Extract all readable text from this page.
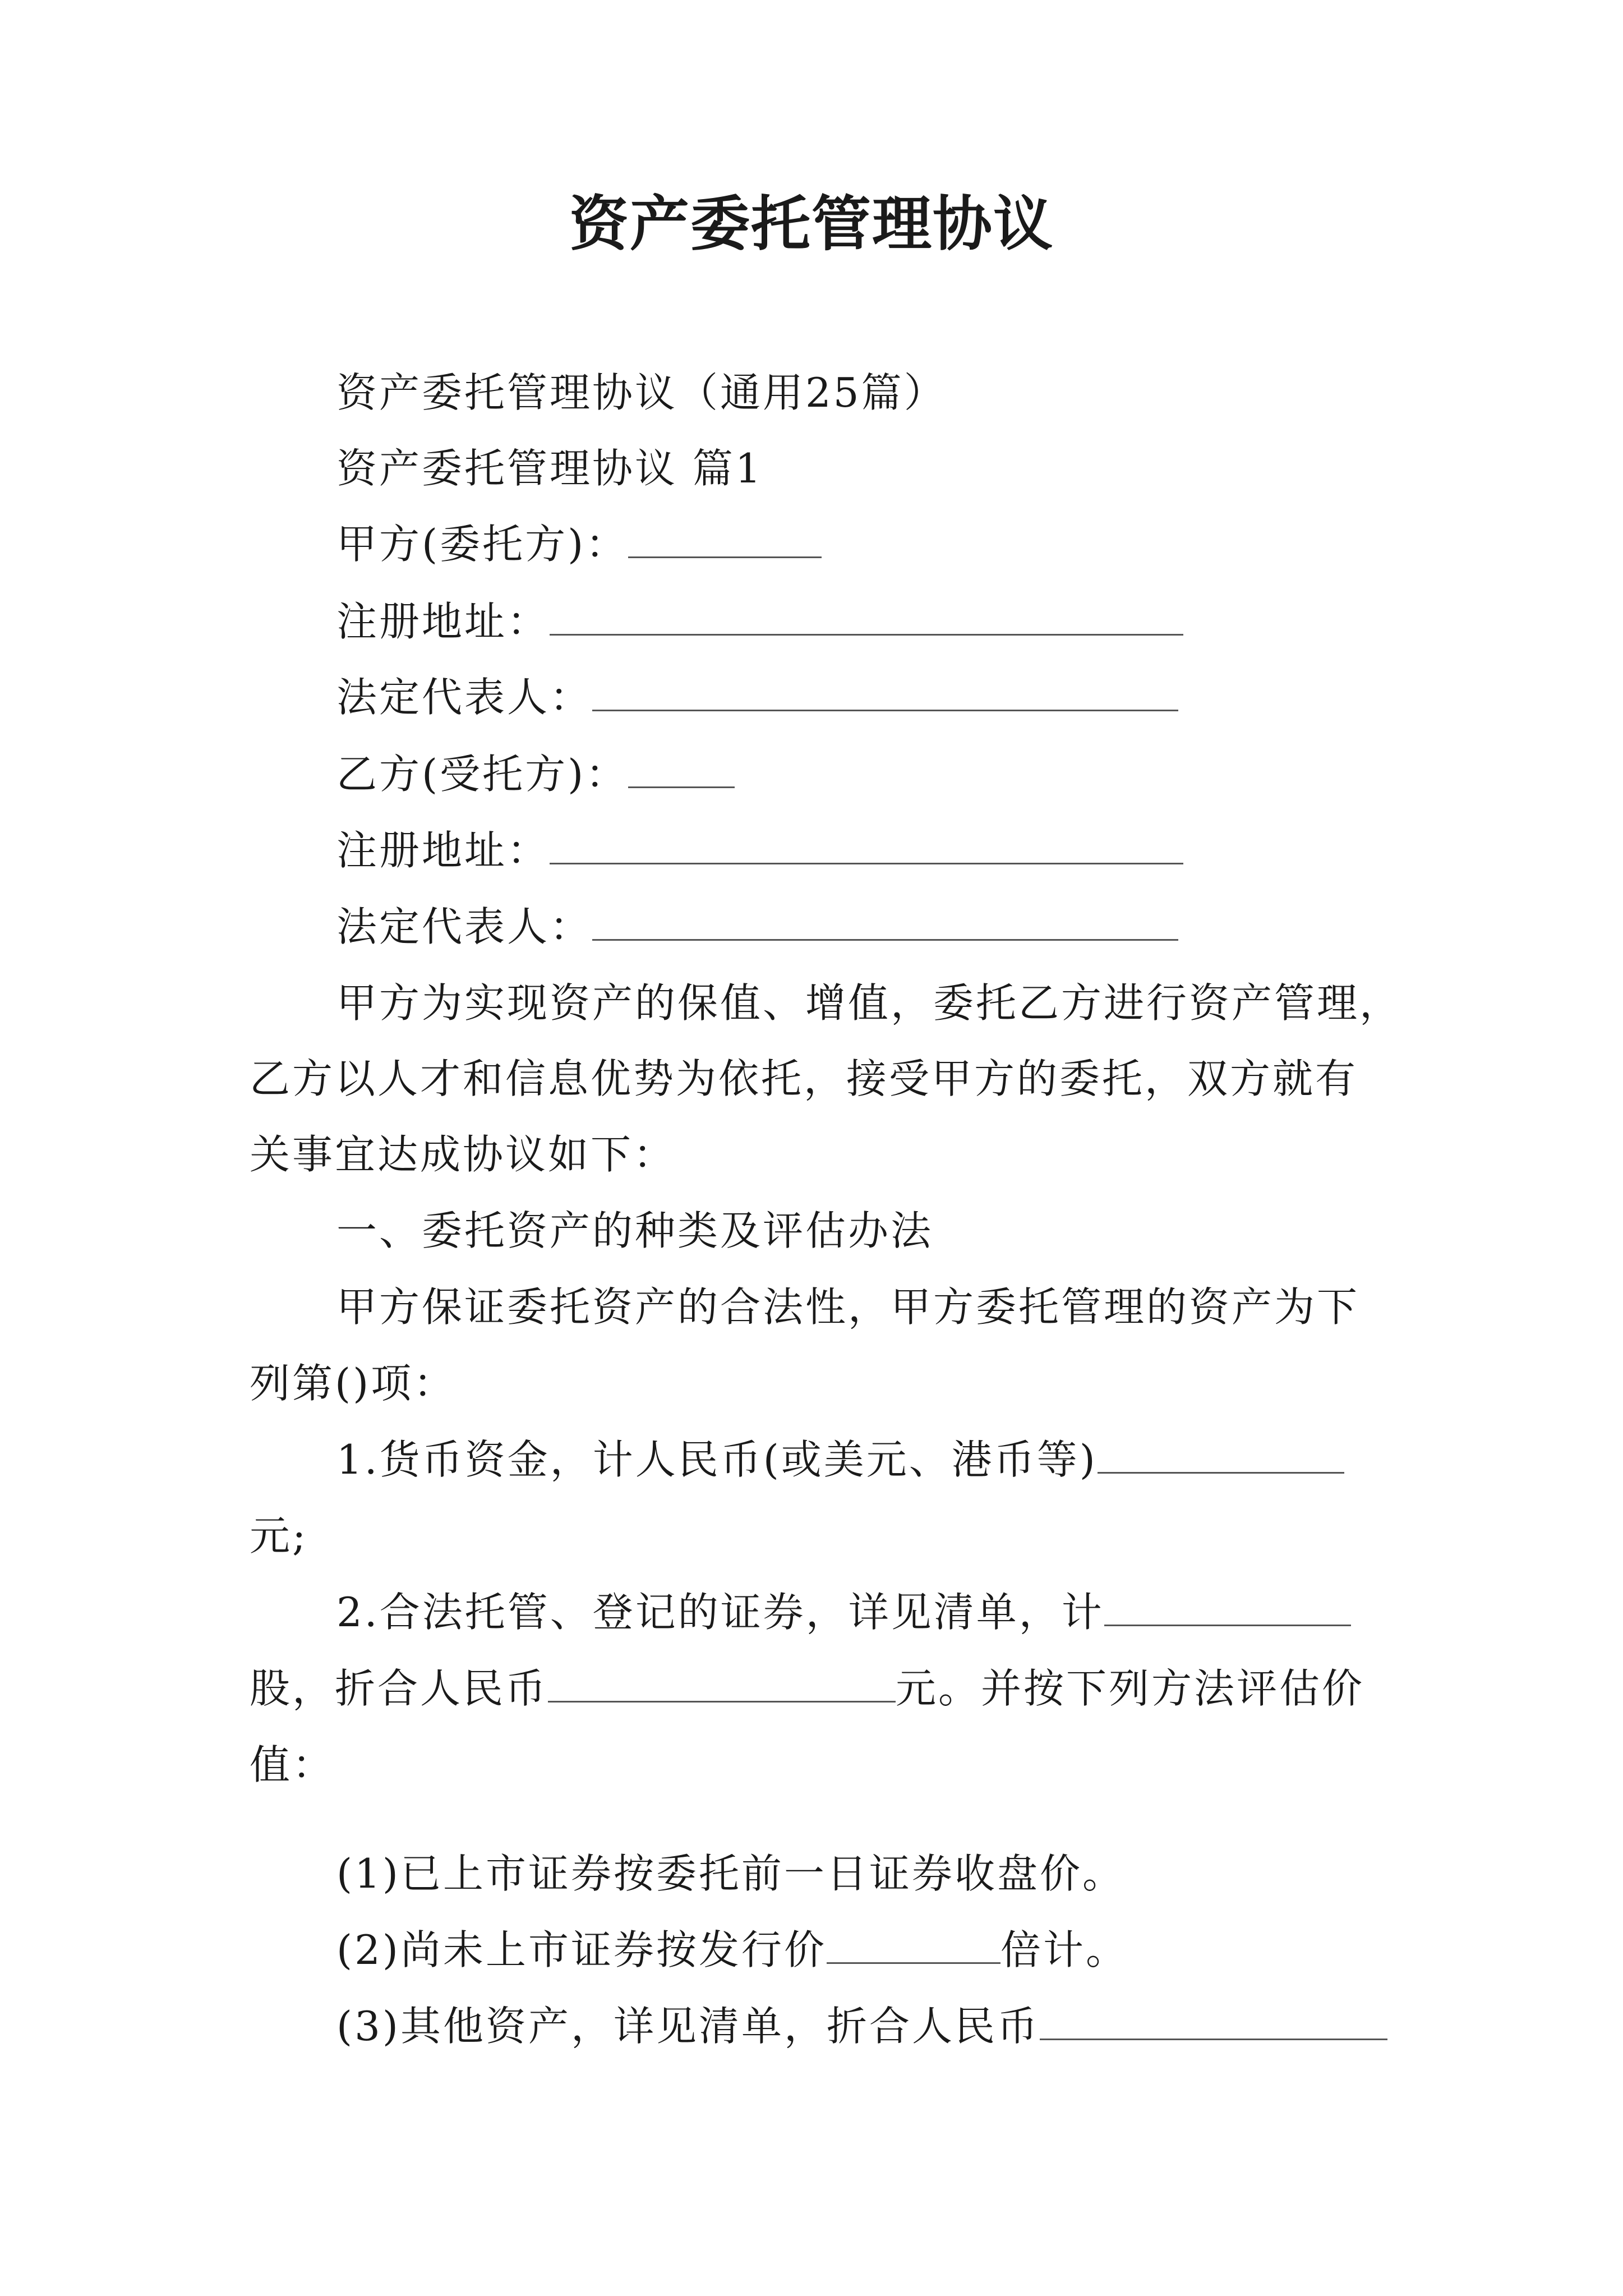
资产委托管理协议

资产委托管理协议（通用25篇）

资产委托管理协议 篇1

甲方(委托方)：

注册地址：

法定代表人：

乙方(受托方)：

注册地址：

法定代表人：

甲方为实现资产的保值、增值，委托乙方进行资产管理，

乙方以人才和信息优势为依托，接受甲方的委托，双方就有

关事宜达成协议如下：

一、委托资产的种类及评估办法

甲方保证委托资产的合法性，甲方委托管理的资产为下

列第()项：

1.货币资金，计人民币(或美元、港币等)

元;

2.合法托管、登记的证券，详见清单，计

股，折合人民币	元。并按下列方法评估价

值：

(1)已上市证券按委托前一日证券收盘价。

(2)尚未上市证券按发行价	倍计。

(3)其他资产，详见清单，折合人民币
